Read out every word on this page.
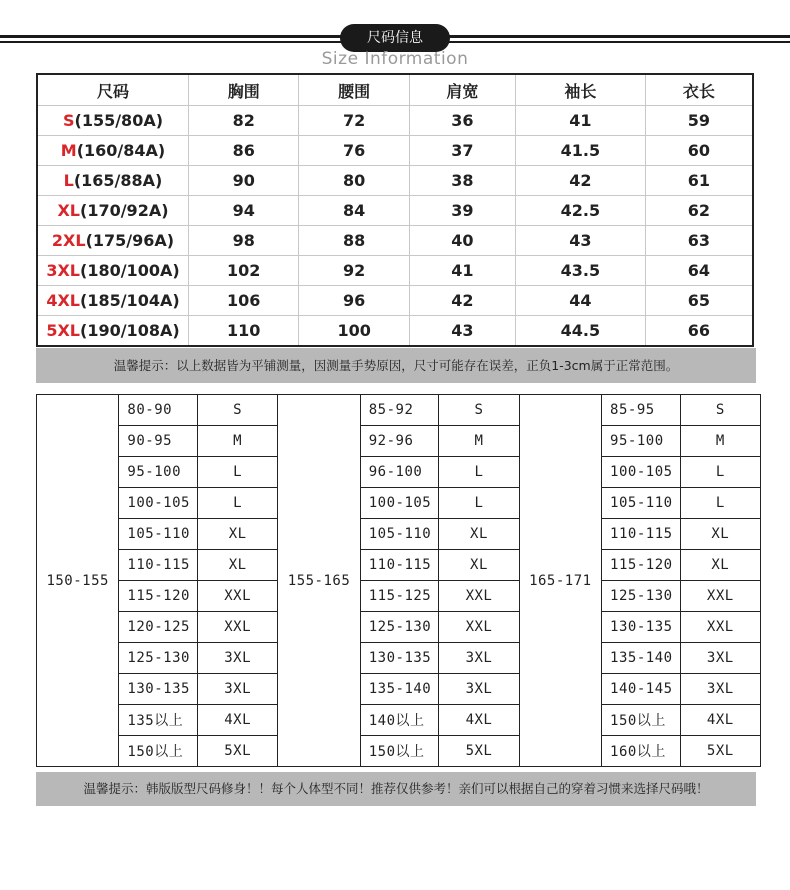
尺码信息
Size Information
尺码	胸围	腰围	肩宽	袖长	衣长
S(155/80A)	82	72	36	41	59
M(160/84A)	86	76	37	41.5	60
L(165/88A)	90	80	38	42	61
XL(170/92A)	94	84	39	42.5	62
2XL(175/96A)	98	88	40	43	63
3XL(180/100A)	102	92	41	43.5	64
4XL(185/104A)	106	96	42	44	65
5XL(190/108A)	110	100	43	44.5	66
温馨提示：以上数据皆为平铺测量，因测量手势原因，尺寸可能存在误差，正负1-3cm属于正常范围。
150-155	80-90	S	155-165	85-92	S	165-171	85-95	S
	90-95	M		92-96	M		95-100	M
	95-100	L		96-100	L		100-105	L
	100-105	L		100-105	L		105-110	L
	105-110	XL		105-110	XL		110-115	XL
	110-115	XL		110-115	XL		115-120	XL
	115-120	XXL		115-125	XXL		125-130	XXL
	120-125	XXL		125-130	XXL		130-135	XXL
	125-130	3XL		130-135	3XL		135-140	3XL
	130-135	3XL		135-140	3XL		140-145	3XL
	135以上	4XL		140以上	4XL		150以上	4XL
	150以上	5XL		150以上	5XL		160以上	5XL
温馨提示：韩版版型尺码修身！！每个人体型不同！推荐仅供参考！亲们可以根据自己的穿着习惯来选择尺码哦！
